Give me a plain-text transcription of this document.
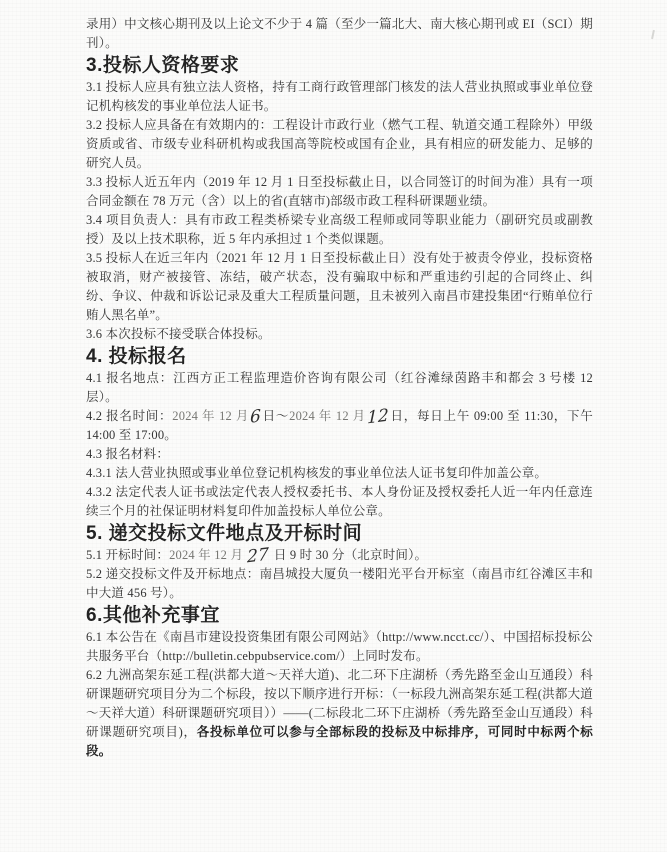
录用）中文核心期刊及以上论文不少于 4 篇（至少一篇北大、南大核心期刊或 EI（SCI）期刊）。

3.投标人资格要求

3.1 投标人应具有独立法人资格，持有工商行政管理部门核发的法人营业执照或事业单位登记机构核发的事业单位法人证书。

3.2 投标人应具备在有效期内的：工程设计市政行业（燃气工程、轨道交通工程除外）甲级资质或省、市级专业科研机构或我国高等院校或国有企业，具有相应的研发能力、足够的研究人员。

3.3 投标人近五年内（2019 年 12 月 1 日至投标截止日，以合同签订的时间为准）具有一项合同金额在 78 万元（含）以上的省(直辖市)部级市政工程科研课题业绩。

3.4 项目负责人：具有市政工程类桥梁专业高级工程师或同等职业能力（副研究员或副教授）及以上技术职称，近 5 年内承担过 1 个类似课题。

3.5 投标人在近三年内（2021 年 12 月 1 日至投标截止日）没有处于被责令停业，投标资格被取消，财产被接管、冻结，破产状态，没有骗取中标和严重违约引起的合同终止、纠纷、争议、仲裁和诉讼记录及重大工程质量问题，且未被列入南昌市建投集团“行贿单位行贿人黑名单”。

3.6 本次投标不接受联合体投标。

4. 投标报名

4.1 报名地点：江西方正工程监理造价咨询有限公司（红谷滩绿茵路丰和都会 3 号楼 12 层）。

4.2 报名时间：2024 年 12 月6日～2024 年 12 月12日，每日上午 09:00 至 11:30，下午 14:00 至 17:00。

4.3 报名材料：

4.3.1 法人营业执照或事业单位登记机构核发的事业单位法人证书复印件加盖公章。

4.3.2 法定代表人证书或法定代表人授权委托书、本人身份证及授权委托人近一年内任意连续三个月的社保证明材料复印件加盖投标人单位公章。

5. 递交投标文件地点及开标时间

5.1 开标时间：2024 年 12 月 27 日 9 时 30 分（北京时间）。

5.2 递交投标文件及开标地点：南昌城投大厦负一楼阳光平台开标室（南昌市红谷滩区丰和中大道 456 号）。

6.其他补充事宜

6.1 本公告在《南昌市建设投资集团有限公司网站》（http://www.ncct.cc/）、中国招标投标公共服务平台（http://bulletin.cebpubservice.com/）上同时发布。

6.2 九洲高架东延工程(洪都大道～天祥大道)、北二环下庄湖桥（秀先路至金山互通段）科研课题研究项目分为二个标段，按以下顺序进行开标：（一标段九洲高架东延工程(洪都大道～天祥大道）科研课题研究项目））——(二标段北二环下庄湖桥（秀先路至金山互通段）科研课题研究项目)，各投标单位可以参与全部标段的投标及中标排序，可同时中标两个标段。
